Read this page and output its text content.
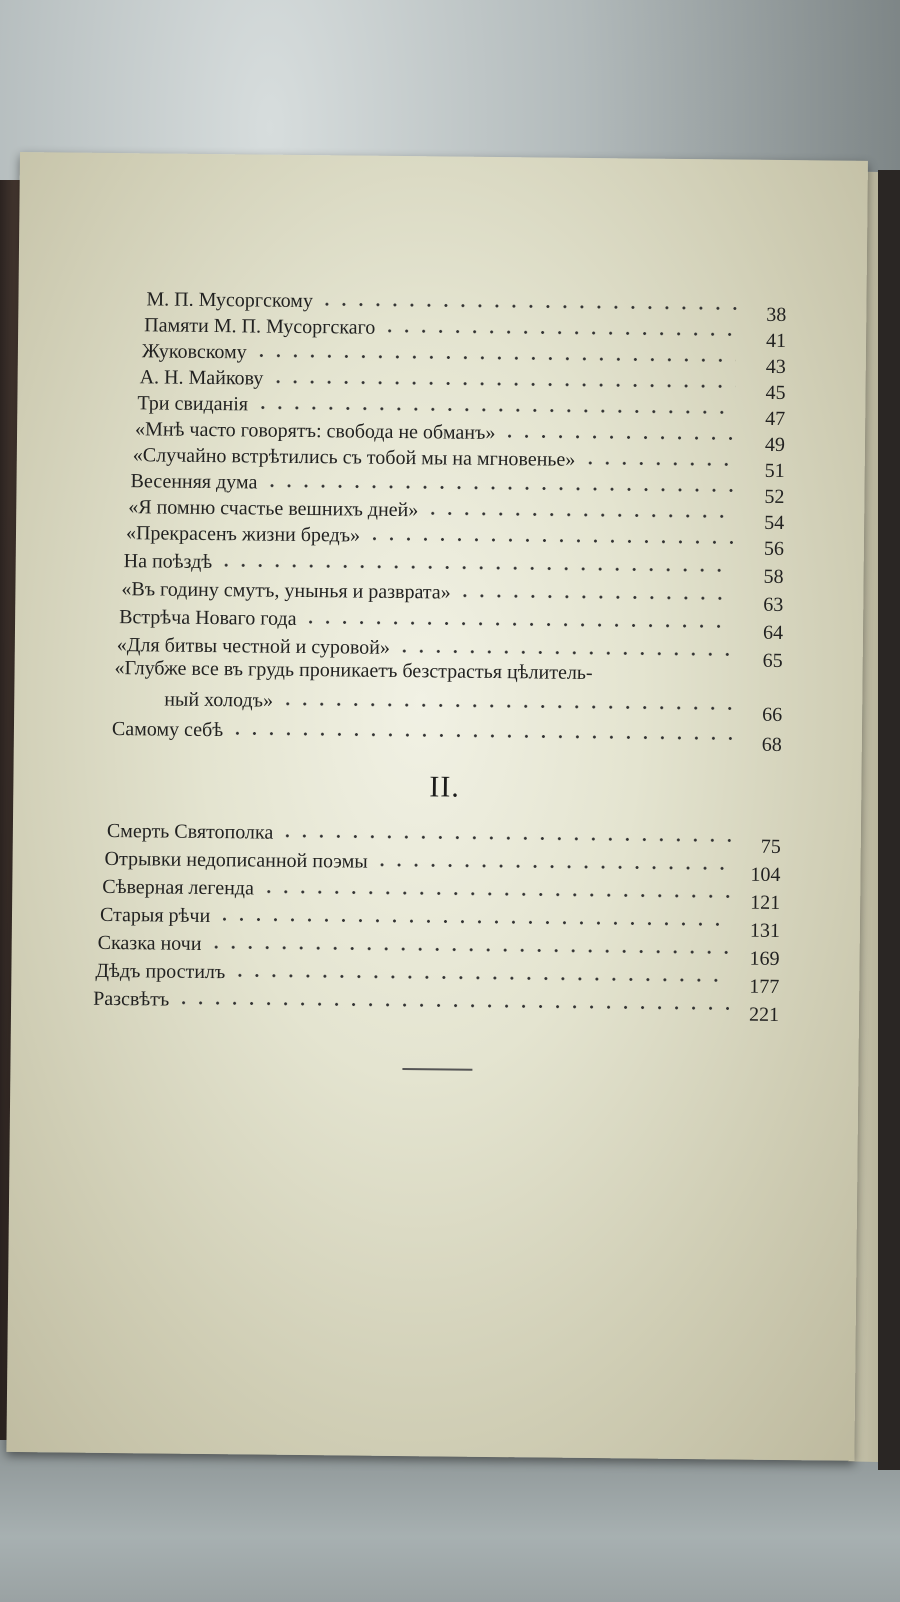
М. П. Мусоргскому
38
Памяти М. П. Мусоргскаго
41
Жуковскому
43
А. Н. Майкову
45
Три свиданія
47
«Мнѣ часто говорятъ: свобода не обманъ»
49
«Случайно встрѣтились съ тобой мы на мгновенье»
51
Весенняя дума
52
«Я помню счастье вешнихъ дней»
54
«Прекрасенъ жизни бредъ»
56
На поѣздѣ
58
«Въ годину смутъ, унынья и разврата»
63
Встрѣча Новаго года
64
«Для битвы честной и суровой»
65
«Глубже все въ грудь проникаетъ безстрастья цѣлитель-
ный холодъ»
66
Самому себѣ
68
II.
Смерть Святополка
75
Отрывки недописанной поэмы
104
Сѣверная легенда
121
Старыя рѣчи
131
Сказка ночи
169
Дѣдъ простилъ
177
Разсвѣтъ
221
